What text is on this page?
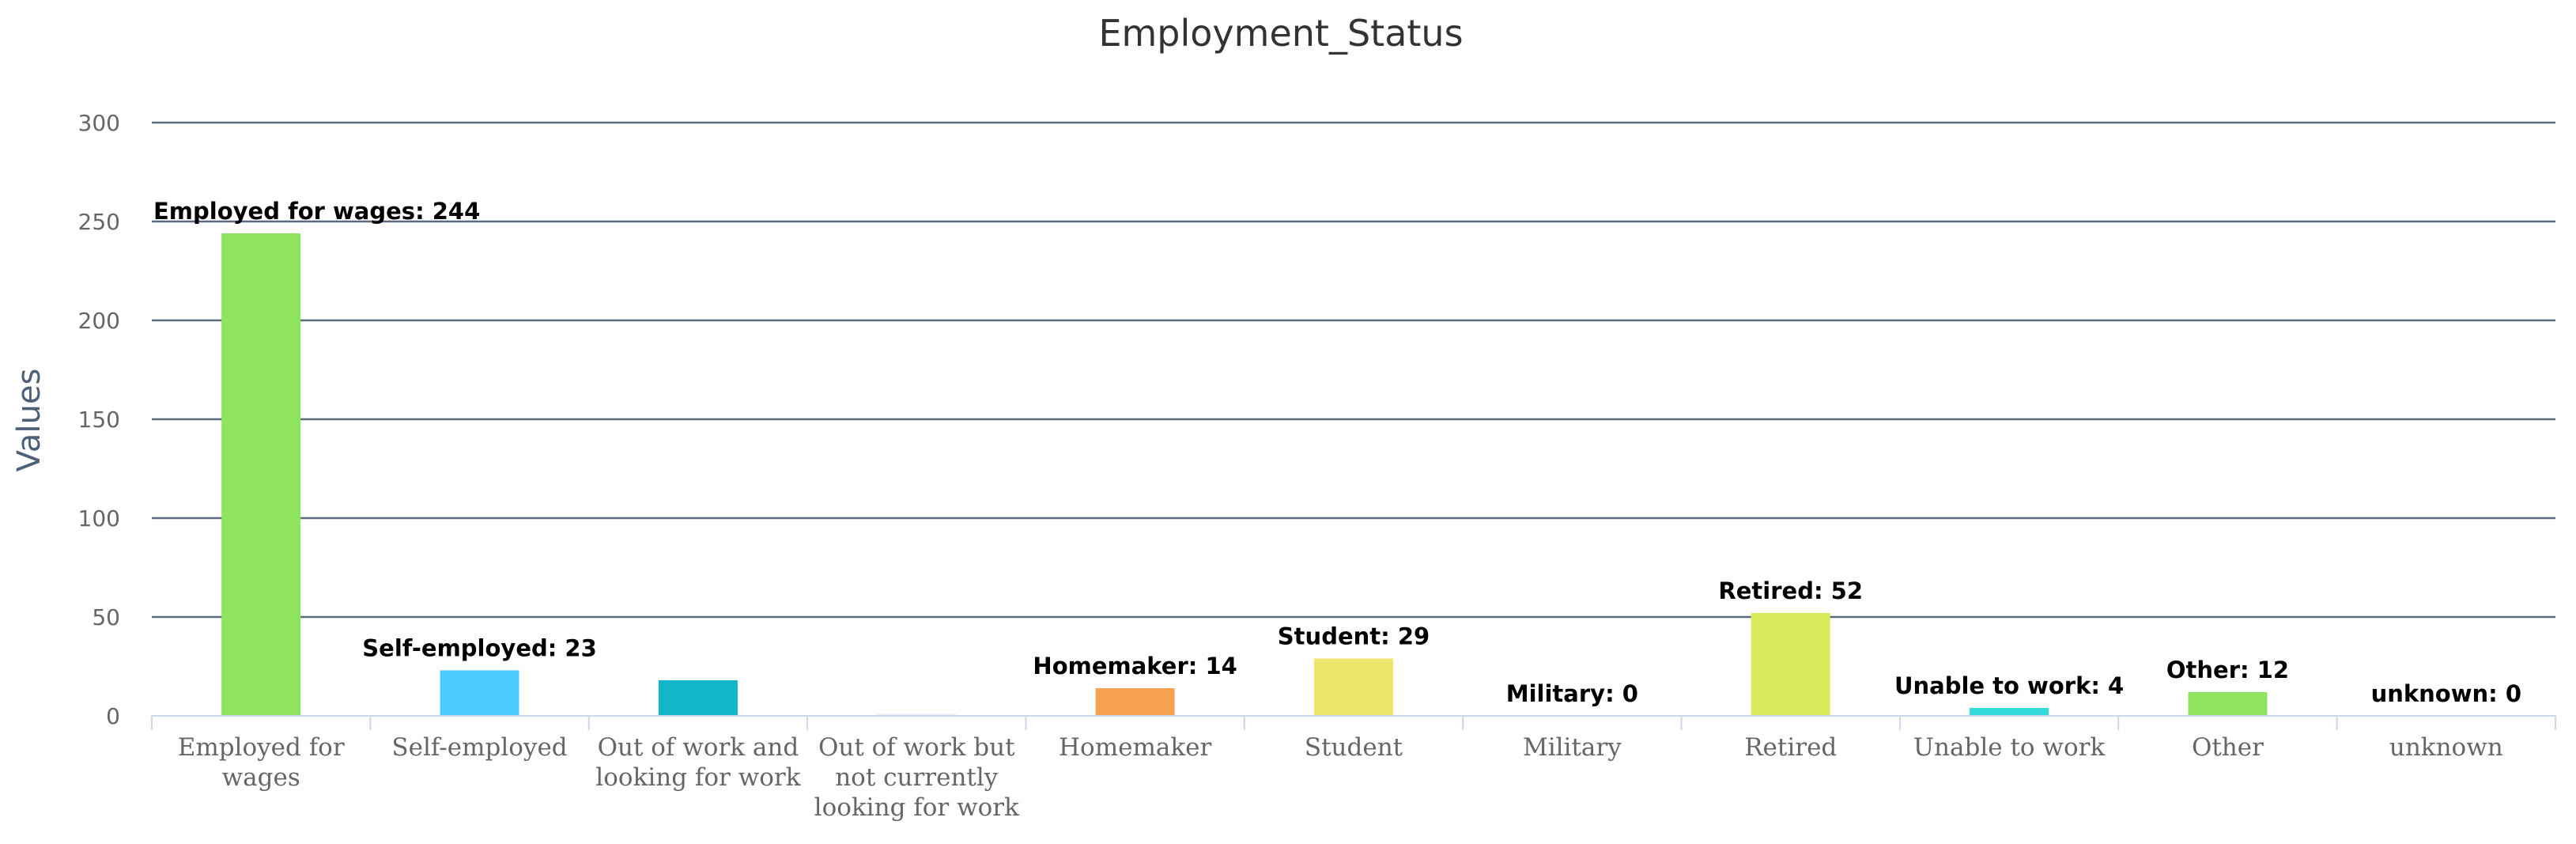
Employment_Status
Values
0
50
100
150
200
250
300
Employed for wages: 244
Self-employed: 23
Homemaker: 14
Student: 29
Military: 0
Retired: 52
Unable to work: 4
Other: 12
unknown: 0
Employed for wages
Self-employed Out of work and looking for work
Out of work but not currently looking for work
Homemaker	Student	Military	Retired	Unable to work	Other	unknown
